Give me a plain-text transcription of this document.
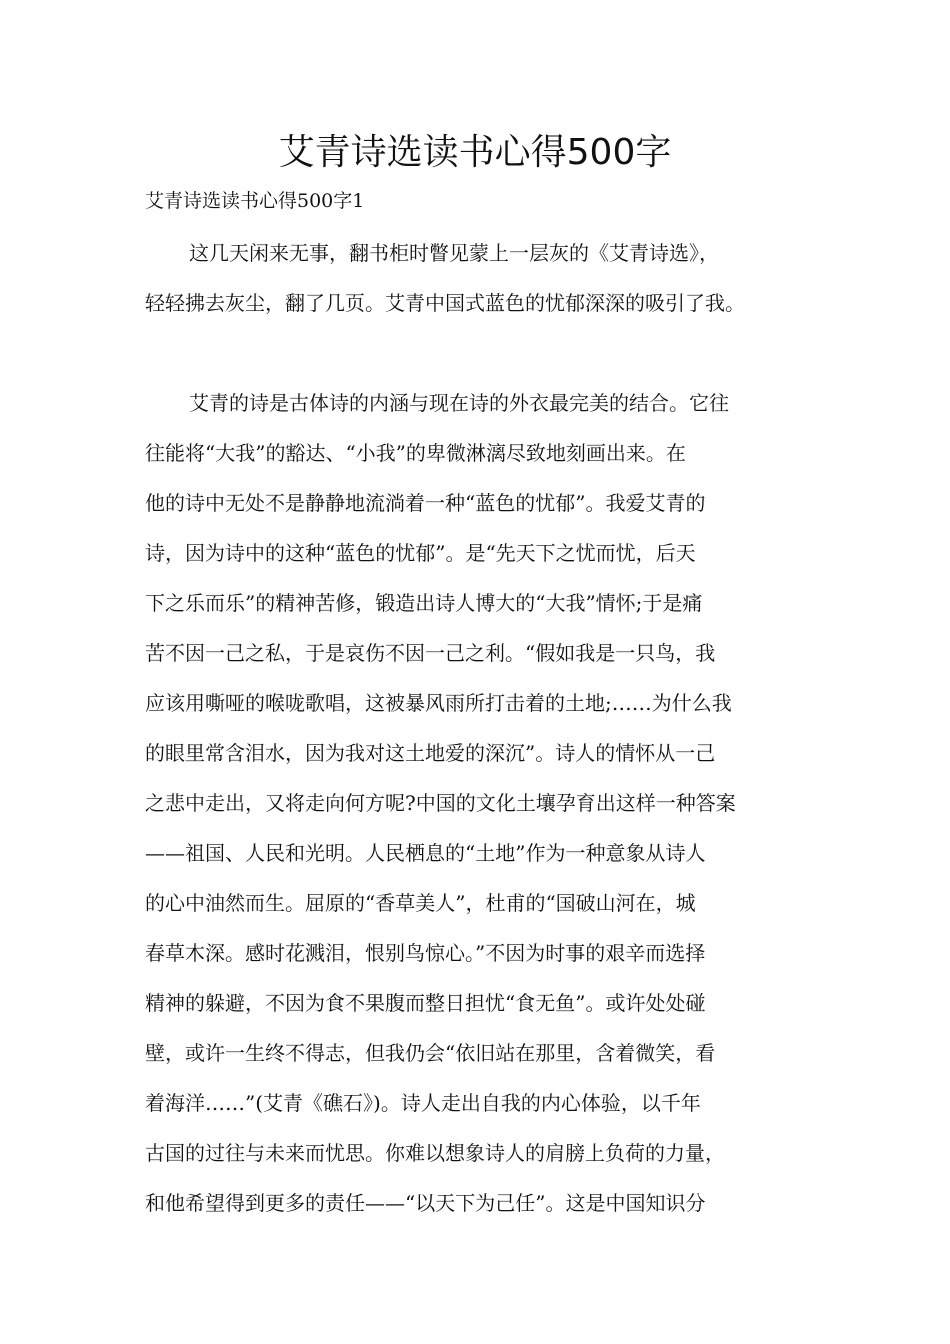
艾青诗选读书心得500字
艾青诗选读书心得500字1
这几天闲来无事，翻书柜时瞥见蒙上一层灰的《艾青诗选》，
轻轻拂去灰尘，翻了几页。艾青中国式蓝色的忧郁深深的吸引了我。
艾青的诗是古体诗的内涵与现在诗的外衣最完美的结合。它往
往能将“大我”的豁达、“小我”的卑微淋漓尽致地刻画出来。在
他的诗中无处不是静静地流淌着一种“蓝色的忧郁”。我爱艾青的
诗，因为诗中的这种“蓝色的忧郁”。是“先天下之忧而忧，后天
下之乐而乐”的精神苦修，锻造出诗人博大的“大我”情怀;于是痛
苦不因一己之私，于是哀伤不因一己之利。“假如我是一只鸟，我
应该用嘶哑的喉咙歌唱，这被暴风雨所打击着的土地;……为什么我
的眼里常含泪水，因为我对这土地爱的深沉”。诗人的情怀从一己
之悲中走出，又将走向何方呢?中国的文化土壤孕育出这样一种答案
——祖国、人民和光明。人民栖息的“土地”作为一种意象从诗人
的心中油然而生。屈原的“香草美人”，杜甫的“国破山河在，城
春草木深。感时花溅泪，恨别鸟惊心。”不因为时事的艰辛而选择
精神的躲避，不因为食不果腹而整日担忧“食无鱼”。或许处处碰
壁，或许一生终不得志，但我仍会“依旧站在那里，含着微笑，看
着海洋……”(艾青《礁石》)。诗人走出自我的内心体验，以千年
古国的过往与未来而忧思。你难以想象诗人的肩膀上负荷的力量，
和他希望得到更多的责任——“以天下为己任”。这是中国知识分
